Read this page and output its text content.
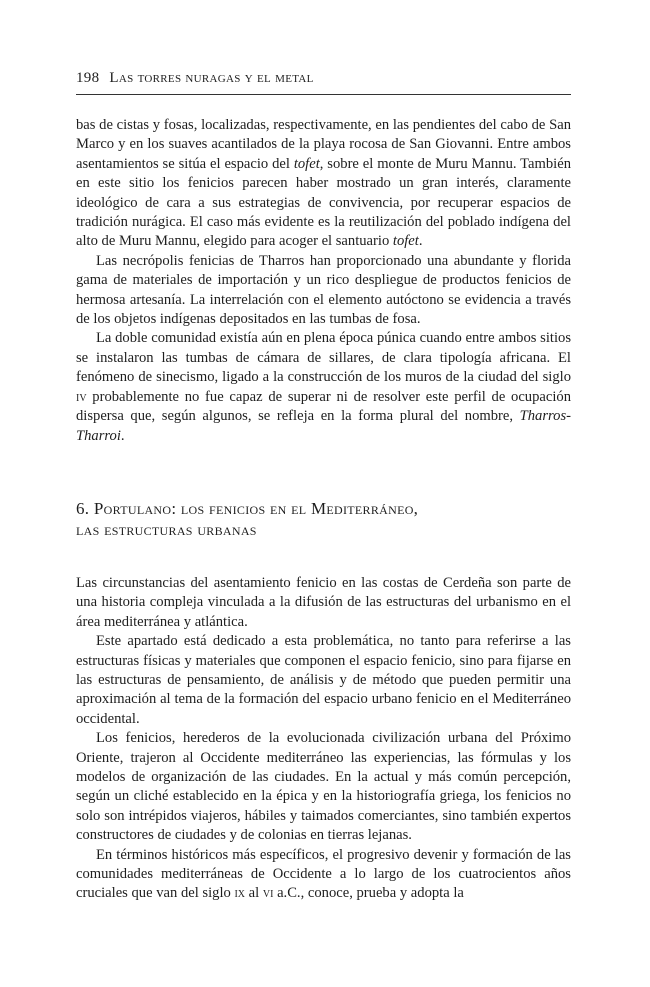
198 Las torres nuragas y el metal

bas de cistas y fosas, localizadas, respectivamente, en las pendientes del cabo de San Marco y en los suaves acantilados de la playa rocosa de San Giovanni. Entre ambos asentamientos se sitúa el espacio del tofet, sobre el monte de Muru Mannu. También en este sitio los fenicios parecen haber mostrado un gran interés, claramente ideológico de cara a sus estrategias de convivencia, por recuperar espacios de tradición nurágica. El caso más evidente es la reutilización del poblado indígena del alto de Muru Mannu, elegido para acoger el santuario tofet.

Las necrópolis fenicias de Tharros han proporcionado una abundante y florida gama de materiales de importación y un rico despliegue de productos fenicios de hermosa artesanía. La interrelación con el elemento autóctono se evidencia a través de los objetos indígenas depositados en las tumbas de fosa.

La doble comunidad existía aún en plena época púnica cuando entre ambos sitios se instalaron las tumbas de cámara de sillares, de clara tipología africana. El fenómeno de sinecismo, ligado a la construcción de los muros de la ciudad del siglo iv probablemente no fue capaz de superar ni de resolver este perfil de ocupación dispersa que, según algunos, se refleja en la forma plural del nombre, Tharros-Tharroi.

6. Portulano: los fenicios en el Mediterráneo,
las estructuras urbanas

Las circunstancias del asentamiento fenicio en las costas de Cerdeña son parte de una historia compleja vinculada a la difusión de las estructuras del urbanismo en el área mediterránea y atlántica.

Este apartado está dedicado a esta problemática, no tanto para referirse a las estructuras físicas y materiales que componen el espacio fenicio, sino para fijarse en las estructuras de pensamiento, de análisis y de método que pueden permitir una aproximación al tema de la formación del espacio urbano fenicio en el Mediterráneo occidental.

Los fenicios, herederos de la evolucionada civilización urbana del Próximo Oriente, trajeron al Occidente mediterráneo las experiencias, las fórmulas y los modelos de organización de las ciudades. En la actual y más común percepción, según un cliché establecido en la épica y en la historiografía griega, los fenicios no solo son intrépidos viajeros, hábiles y taimados comerciantes, sino también expertos constructores de ciudades y de colonias en tierras lejanas.

En términos históricos más específicos, el progresivo devenir y formación de las comunidades mediterráneas de Occidente a lo largo de los cuatrocientos años cruciales que van del siglo ix al vi a.C., conoce, prueba y adopta la
